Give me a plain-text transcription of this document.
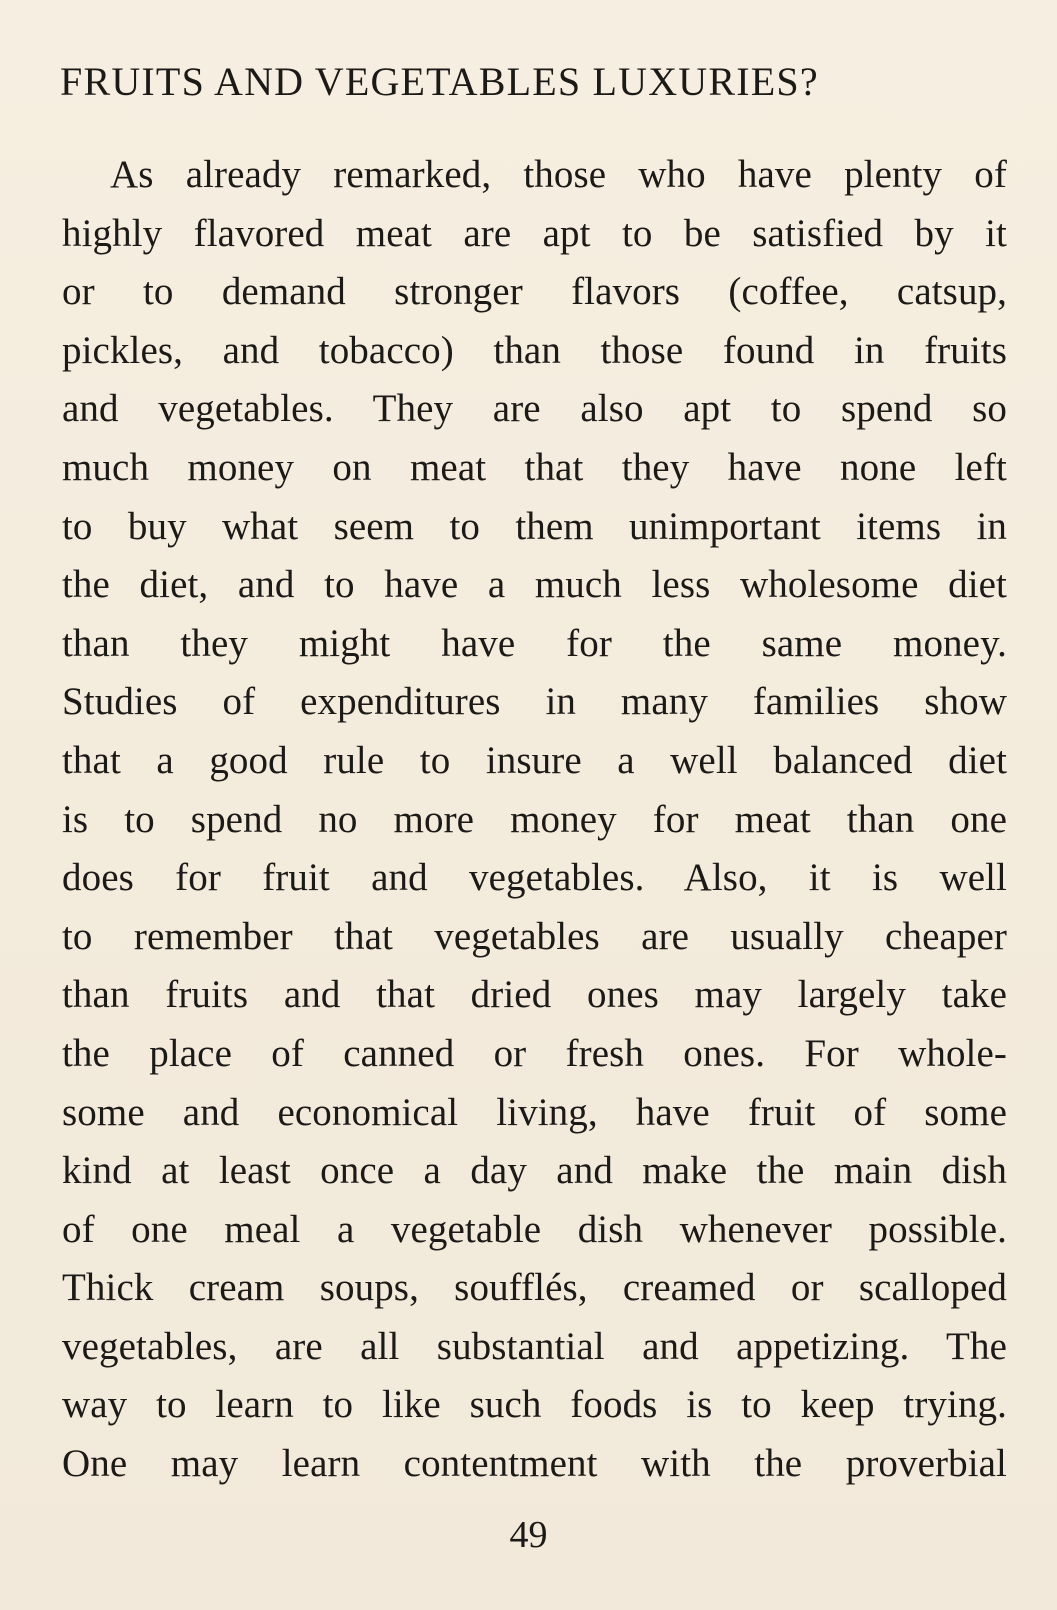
FRUITS AND VEGETABLES LUXURIES?
As already remarked, those who have plenty of
highly flavored meat are apt to be satisfied by it
or to demand stronger flavors (coffee, catsup,
pickles, and tobacco) than those found in fruits
and vegetables. They are also apt to spend so
much money on meat that they have none left
to buy what seem to them unimportant items in
the diet, and to have a much less wholesome diet
than they might have for the same money.
Studies of expenditures in many families show
that a good rule to insure a well balanced diet
is to spend no more money for meat than one
does for fruit and vegetables. Also, it is well
to remember that vegetables are usually cheaper
than fruits and that dried ones may largely take
the place of canned or fresh ones. For whole-
some and economical living, have fruit of some
kind at least once a day and make the main dish
of one meal a vegetable dish whenever possible.
Thick cream soups, soufflés, creamed or scalloped
vegetables, are all substantial and appetizing. The
way to learn to like such foods is to keep trying.
One may learn contentment with the proverbial
49
